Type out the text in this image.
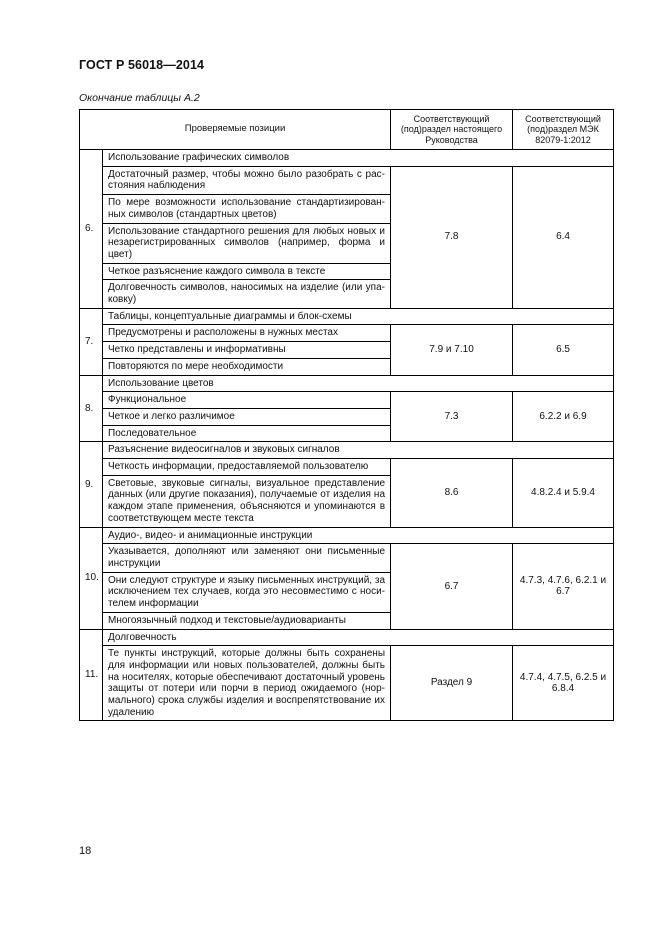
ГОСТ Р 56018—2014
Окончание таблицы А.2
Проверяемые позиции		Соответствующий (под)раздел настоящего Руководства	Соответствующий (под)раздел МЭК 82079-1:2012
6.	Использование графических символов		
	Достаточный размер, чтобы можно было разобрать с расстояния наблюдения	7.8	6.4
	По мере возможности использование стандартизированных символов (стандартных цветов)		
	Использование стандартного решения для любых новых и незарегистрированных символов (например, форма и цвет)		
	Четкое разъяснение каждого символа в тексте		
	Долговечность символов, наносимых на изделие (или упаковку)		
7.	Таблицы, концептуальные диаграммы и блок-схемы		
	Предусмотрены и расположены в нужных местах	7.9 и 7.10	6.5
	Четко представлены и информативны		
	Повторяются по мере необходимости		
8.	Использование цветов		
	Функциональное	7.3	6.2.2 и 6.9
	Четкое и легко различимое		
	Последовательное		
9.	Разъяснение видеосигналов и звуковых сигналов		
	Четкость информации, предоставляемой пользователю	8.6	4.8.2.4 и 5.9.4
	Световые, звуковые сигналы, визуальное представление данных (или другие показания), получаемые от изделия на каждом этапе применения, объясняются и упоминаются в соответствующем месте текста		
10.	Аудио-, видео- и анимационные инструкции		
	Указывается, дополняют или заменяют они письменные инструкции	6.7	4.7.3, 4.7.6, 6.2.1 и 6.7
	Они следуют структуре и языку письменных инструкций, за исключением тех случаев, когда это несовместимо с носителем информации		
	Многоязычный подход и текстовые/аудиоварианты		
11.	Долговечность		
	Те пункты инструкций, которые должны быть сохранены для информации или новых пользователей, должны быть на носителях, которые обеспечивают достаточный уровень защиты от потери или порчи в период ожидаемого (нормального) срока службы изделия и воспрепятствование их удалению	Раздел 9	4.7.4, 4.7.5, 6.2.5 и 6.8.4
18
